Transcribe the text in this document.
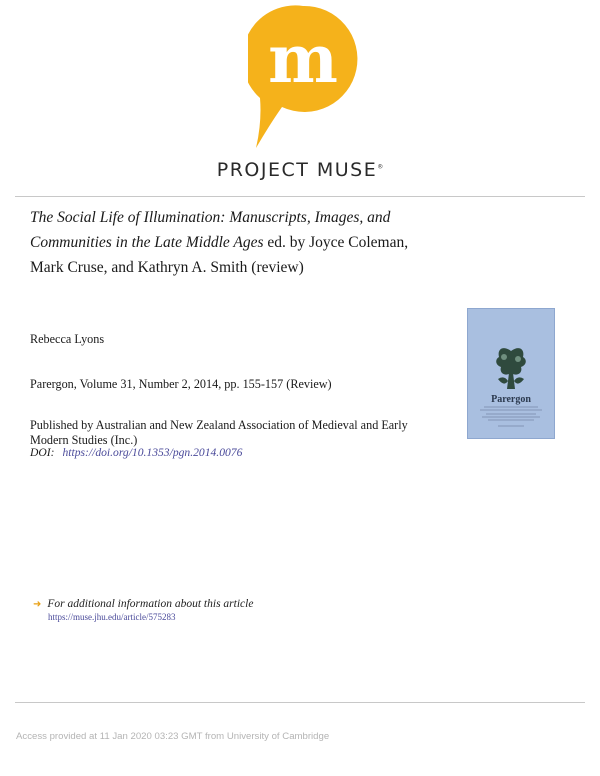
m
PROJECT MUSE®
The Social Life of Illumination: Manuscripts, Images, and Communities in the Late Middle Ages ed. by Joyce Coleman, Mark Cruse, and Kathryn A. Smith (review)
Rebecca Lyons
Parergon, Volume 31, Number 2, 2014, pp. 155-157 (Review)
Published by Australian and New Zealand Association of Medieval and Early Modern Studies (Inc.)
DOI: https://doi.org/10.1353/pgn.2014.0076
Parergon
➜ For additional information about this article
https://muse.jhu.edu/article/575283
Access provided at 11 Jan 2020 03:23 GMT from University of Cambridge
